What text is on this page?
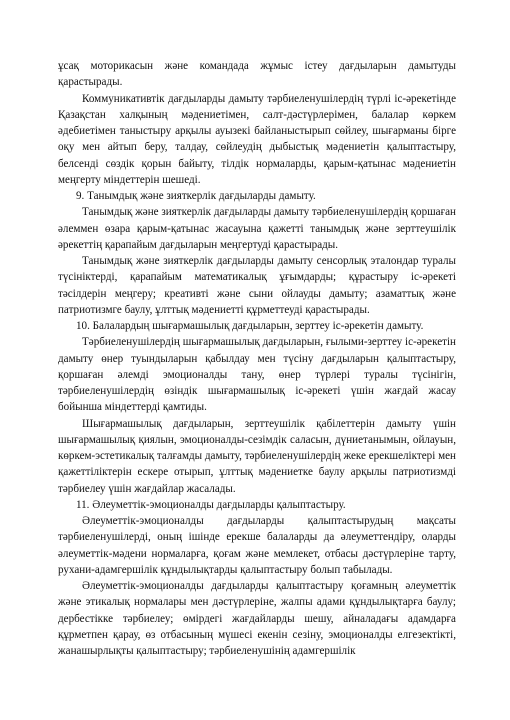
ұсақ моторикасын және командада жұмыс істеу дағдыларын дамытуды қарастырады.

Коммуникативтік дағдыларды дамыту тәрбиеленушілердің түрлі іс-әрекетінде Қазақстан халқының мәдениетімен, салт-дәстүрлерімен, балалар көркем әдебиетімен таныстыру арқылы ауызекі байланыстырып сөйлеу, шығарманы бірге оқу мен айтып беру, талдау, сөйлеудің дыбыстық мәдениетін қалыптастыру, белсенді сөздік қорын байыту, тілдік нормаларды, қарым-қатынас мәдениетін меңгерту міндеттерін шешеді.

9. Танымдық және зияткерлік дағдыларды дамыту.

Танымдық және зияткерлік дағдыларды дамыту тәрбиеленушілердің қоршаған әлеммен өзара қарым-қатынас жасауына қажетті танымдық және зерттеушілік әрекеттің қарапайым дағдыларын меңгертуді қарастырады.

Танымдық және зияткерлік дағдыларды дамыту сенсорлық эталондар туралы түсініктерді, қарапайым математикалық ұғымдарды; құрастыру іс-әрекеті тәсілдерін меңгеру; креативті және сыни ойлауды дамыту; азаматтық және патриотизмге баулу, ұлттық мәдениетті құрметтеуді қарастырады.

10. Балалардың шығармашылық дағдыларын, зерттеу іс-әрекетін дамыту.

Тәрбиеленушілердің шығармашылық дағдыларын, ғылыми-зерттеу іс-әрекетін дамыту өнер туындыларын қабылдау мен түсіну дағдыларын қалыптастыру, қоршаған әлемді эмоционалды тану, өнер түрлері туралы түсінігін, тәрбиеленушілердің өзіндік шығармашылық іс-әрекеті үшін жағдай жасау бойынша міндеттерді қамтиды.

Шығармашылық дағдыларын, зерттеушілік қабілеттерін дамыту үшін шығармашылық қиялын, эмоционалды-сезімдік саласын, дүниетанымын, ойлауын, көркем-эстетикалық талғамды дамыту, тәрбиеленушілердің жеке ерекшеліктері мен қажеттіліктерін ескере отырып, ұлттық мәдениетке баулу арқылы патриотизмді тәрбиелеу үшін жағдайлар жасалады.

11. Әлеуметтік-эмоционалды дағдыларды қалыптастыру.

Әлеуметтік-эмоционалды дағдыларды қалыптастырудың мақсаты тәрбиеленушілерді, оның ішінде ерекше балаларды да әлеуметтендіру, оларды әлеуметтік-мәдени нормаларға, қоғам және мемлекет, отбасы дәстүрлеріне тарту, рухани-адамгершілік құндылықтарды қалыптастыру болып табылады.

Әлеуметтік-эмоционалды дағдыларды қалыптастыру қоғамның әлеуметтік және этикалық нормалары мен дәстүрлеріне, жалпы адами құндылықтарға баулу; дербестікке тәрбиелеу; өмірдегі жағдайларды шешу, айналадағы адамдарға құрметпен қарау, өз отбасының мүшесі екенін сезіну, эмоционалды елгезектікті, жанашырлықты қалыптастыру; тәрбиеленушінің адамгершілік
